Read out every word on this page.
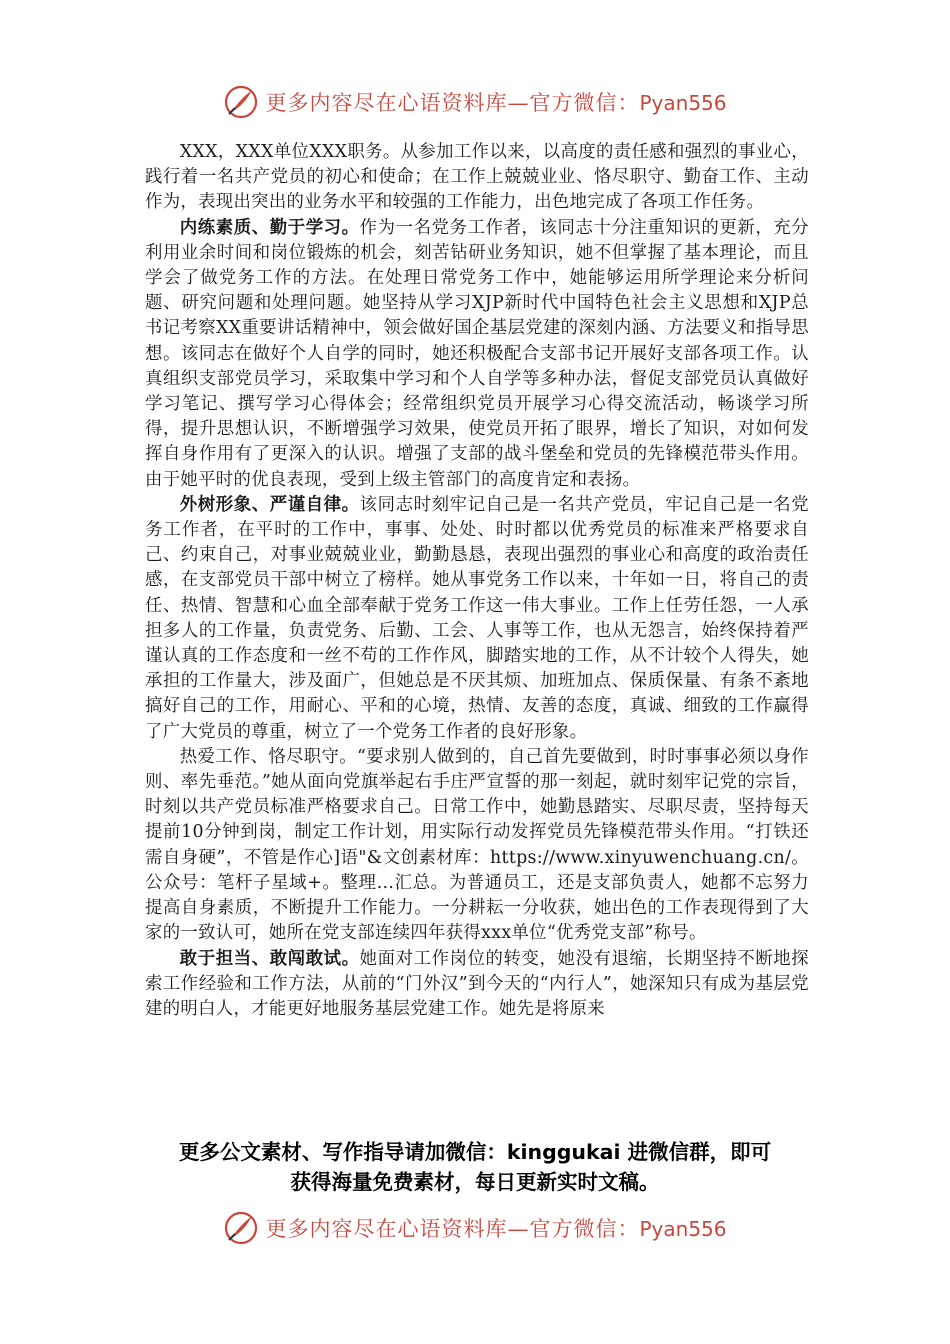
更多内容尽在心语资料库—官方微信：Pyan556

XXX，XXX单位XXX职务。从参加工作以来，以高度的责任感和强烈的事业心，践行着一名共产党员的初心和使命；在工作上兢兢业业、恪尽职守、勤奋工作、主动作为，表现出突出的业务水平和较强的工作能力，出色地完成了各项工作任务。

内练素质、勤于学习。作为一名党务工作者，该同志十分注重知识的更新，充分利用业余时间和岗位锻炼的机会，刻苦钻研业务知识，她不但掌握了基本理论，而且学会了做党务工作的方法。在处理日常党务工作中，她能够运用所学理论来分析问题、研究问题和处理问题。她坚持从学习XJP新时代中国特色社会主义思想和XJP总书记考察XX重要讲话精神中，领会做好国企基层党建的深刻内涵、方法要义和指导思想。该同志在做好个人自学的同时，她还积极配合支部书记开展好支部各项工作。认真组织支部党员学习，采取集中学习和个人自学等多种办法，督促支部党员认真做好学习笔记、撰写学习心得体会；经常组织党员开展学习心得交流活动，畅谈学习所得，提升思想认识，不断增强学习效果，使党员开拓了眼界，增长了知识，对如何发挥自身作用有了更深入的认识。增强了支部的战斗堡垒和党员的先锋模范带头作用。由于她平时的优良表现，受到上级主管部门的高度肯定和表扬。

外树形象、严谨自律。该同志时刻牢记自己是一名共产党员，牢记自己是一名党务工作者，在平时的工作中，事事、处处、时时都以优秀党员的标准来严格要求自己、约束自己，对事业兢兢业业，勤勤恳恳，表现出强烈的事业心和高度的政治责任感，在支部党员干部中树立了榜样。她从事党务工作以来，十年如一日，将自己的责任、热情、智慧和心血全部奉献于党务工作这一伟大事业。工作上任劳任怨，一人承担多人的工作量，负责党务、后勤、工会、人事等工作，也从无怨言，始终保持着严谨认真的工作态度和一丝不苟的工作作风，脚踏实地的工作，从不计较个人得失，她承担的工作量大，涉及面广，但她总是不厌其烦、加班加点、保质保量、有条不紊地搞好自己的工作，用耐心、平和的心境，热情、友善的态度，真诚、细致的工作赢得了广大党员的尊重，树立了一个党务工作者的良好形象。

热爱工作、恪尽职守。“要求别人做到的，自己首先要做到，时时事事必须以身作则、率先垂范。”她从面向党旗举起右手庄严宣誓的那一刻起，就时刻牢记党的宗旨，时刻以共产党员标准严格要求自己。日常工作中，她勤恳踏实、尽职尽责，坚持每天提前10分钟到岗，制定工作计划，用实际行动发挥党员先锋模范带头作用。“打铁还需自身硬”，不管是作心]语"&文创素材库：https://www.xinyuwenchuang.cn/。公众号：笔杆子星域+。整理…汇总。为普通员工，还是支部负责人，她都不忘努力提高自身素质，不断提升工作能力。一分耕耘一分收获，她出色的工作表现得到了大家的一致认可，她所在党支部连续四年获得xxx单位“优秀党支部”称号。

敢于担当、敢闯敢试。她面对工作岗位的转变，她没有退缩，长期坚持不断地探索工作经验和工作方法，从前的“门外汉”到今天的“内行人”，她深知只有成为基层党建的明白人，才能更好地服务基层党建工作。她先是将原来

更多公文素材、写作指导请加微信：kinggukai 进微信群，即可
获得海量免费素材，每日更新实时文稿。
更多内容尽在心语资料库—官方微信：Pyan556
